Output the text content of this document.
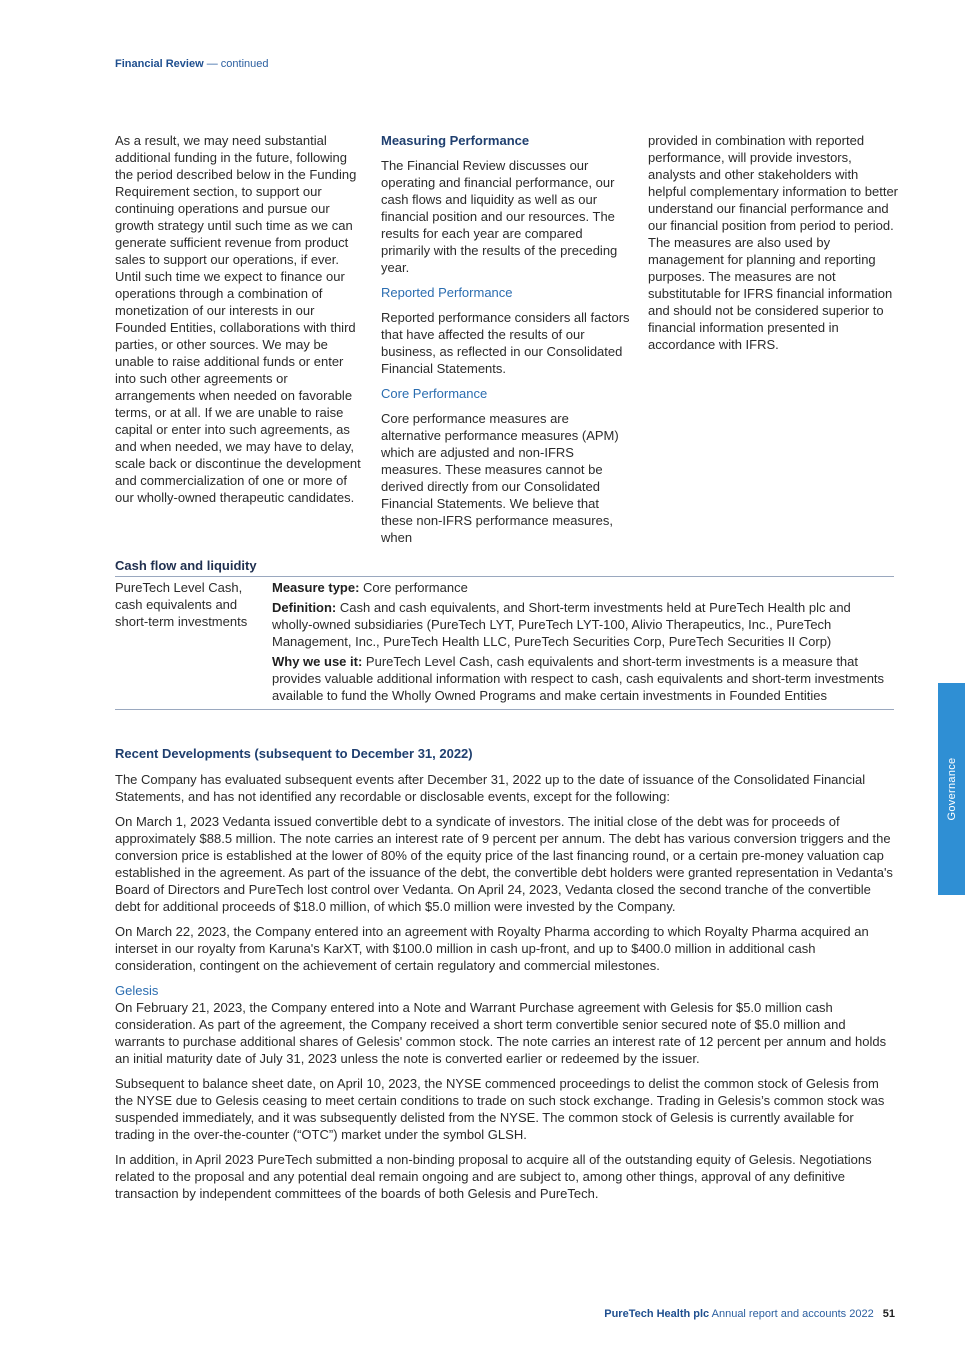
Financial Review — continued

As a result, we may need substantial additional funding in the future, following the period described below in the Funding Requirement section, to support our continuing operations and pursue our growth strategy until such time as we can generate sufficient revenue from product sales to support our operations, if ever. Until such time we expect to finance our operations through a combination of monetization of our interests in our Founded Entities, collaborations with third parties, or other sources. We may be unable to raise additional funds or enter into such other agreements or arrangements when needed on favorable terms, or at all. If we are unable to raise capital or enter into such agreements, as and when needed, we may have to delay, scale back or discontinue the development and commercialization of one or more of our wholly-owned therapeutic candidates.

Measuring Performance

The Financial Review discusses our operating and financial performance, our cash flows and liquidity as well as our financial position and our resources. The results for each year are compared primarily with the results of the preceding year.

Reported Performance

Reported performance considers all factors that have affected the results of our business, as reflected in our Consolidated Financial Statements.

Core Performance

Core performance measures are alternative performance measures (APM) which are adjusted and non-IFRS measures. These measures cannot be derived directly from our Consolidated Financial Statements. We believe that these non-IFRS performance measures, when

provided in combination with reported performance, will provide investors, analysts and other stakeholders with helpful complementary information to better understand our financial performance and our financial position from period to period. The measures are also used by management for planning and reporting purposes. The measures are not substitutable for IFRS financial information and should not be considered superior to financial information presented in accordance with IFRS.

Cash flow and liquidity
PureTech Level Cash, cash equivalents and short-term investments

Measure type: Core performance

Definition: Cash and cash equivalents, and Short-term investments held at PureTech Health plc and wholly-owned subsidiaries (PureTech LYT, PureTech LYT-100, Alivio Therapeutics, Inc., PureTech Management, Inc., PureTech Health LLC, PureTech Securities Corp, PureTech Securities II Corp)

Why we use it: PureTech Level Cash, cash equivalents and short-term investments is a measure that provides valuable additional information with respect to cash, cash equivalents and short-term investments available to fund the Wholly Owned Programs and make certain investments in Founded Entities

Recent Developments (subsequent to December 31, 2022)

The Company has evaluated subsequent events after December 31, 2022 up to the date of issuance of the Consolidated Financial Statements, and has not identified any recordable or disclosable events, except for the following:

On March 1, 2023 Vedanta issued convertible debt to a syndicate of investors. The initial close of the debt was for proceeds of approximately $88.5 million. The note carries an interest rate of 9 percent per annum. The debt has various conversion triggers and the conversion price is established at the lower of 80% of the equity price of the last financing round, or a certain pre-money valuation cap established in the agreement. As part of the issuance of the debt, the convertible debt holders were granted representation in Vedanta's Board of Directors and PureTech lost control over Vedanta. On April 24, 2023, Vedanta closed the second tranche of the convertible debt for additional proceeds of $18.0 million, of which $5.0 million were invested by the Company.

On March 22, 2023, the Company entered into an agreement with Royalty Pharma according to which Royalty Pharma acquired an interset in our royalty from Karuna's KarXT, with $100.0 million in cash up-front, and up to $400.0 million in additional cash consideration, contingent on the achievement of certain regulatory and commercial milestones.

Gelesis

On February 21, 2023, the Company entered into a Note and Warrant Purchase agreement with Gelesis for $5.0 million cash consideration. As part of the agreement, the Company received a short term convertible senior secured note of $5.0 million and warrants to purchase additional shares of Gelesis' common stock. The note carries an interest rate of 12 percent per annum and holds an initial maturity date of July 31, 2023 unless the note is converted earlier or redeemed by the issuer.

Subsequent to balance sheet date, on April 10, 2023, the NYSE commenced proceedings to delist the common stock of Gelesis from the NYSE due to Gelesis ceasing to meet certain conditions to trade on such stock exchange. Trading in Gelesis’s common stock was suspended immediately, and it was subsequently delisted from the NYSE. The common stock of Gelesis is currently available for trading in the over-the-counter (“OTC”) market under the symbol GLSH.

In addition, in April 2023 PureTech submitted a non-binding proposal to acquire all of the outstanding equity of Gelesis. Negotiations related to the proposal and any potential deal remain ongoing and are subject to, among other things, approval of any definitive transaction by independent committees of the boards of both Gelesis and PureTech.

Governance
PureTech Health plc Annual report and accounts 2022 51
